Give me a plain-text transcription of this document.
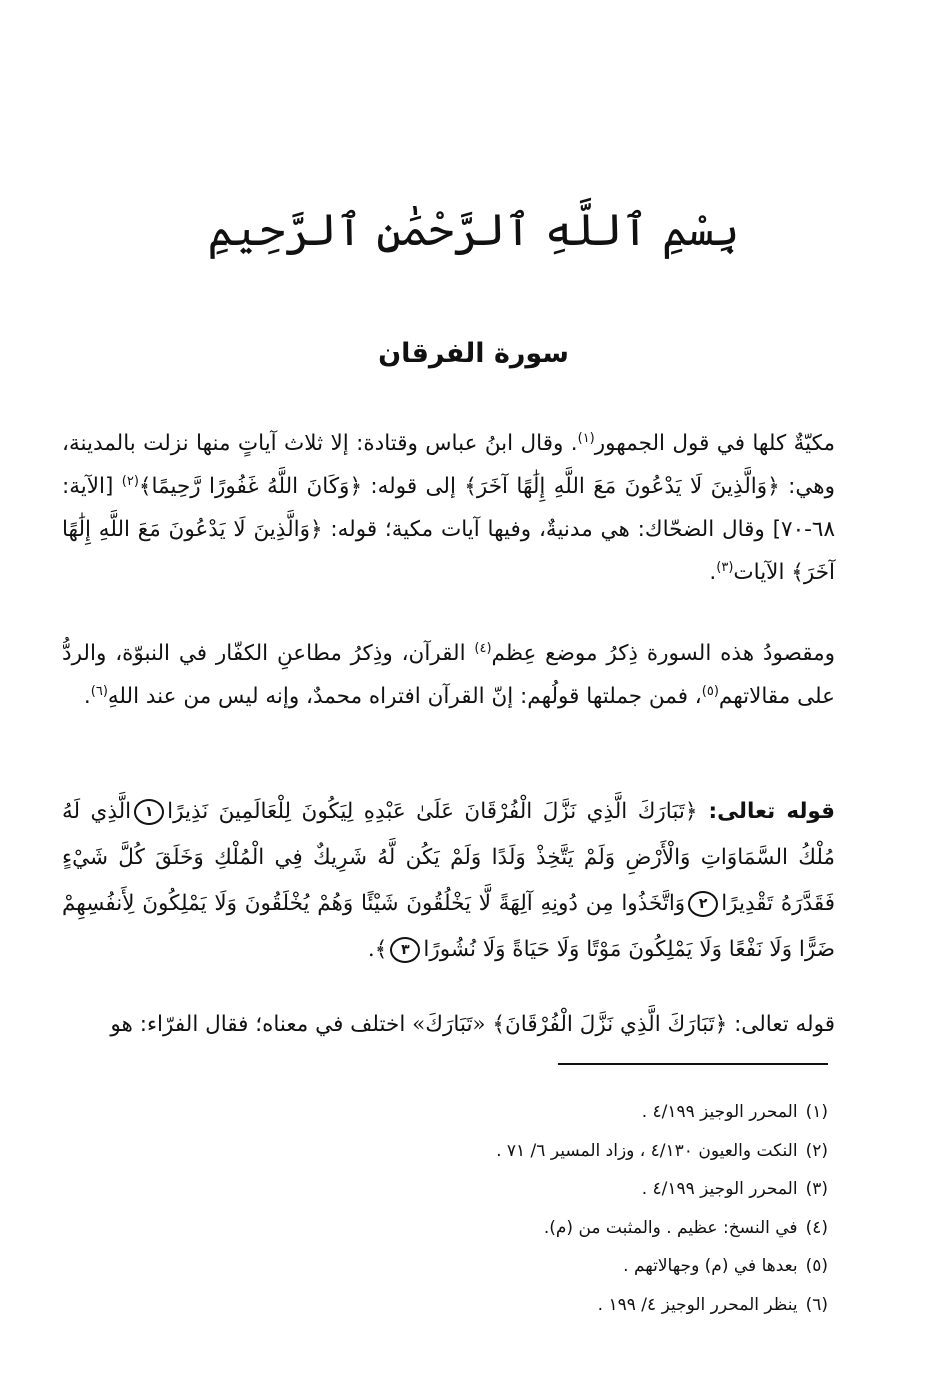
بِسْمِ ٱللَّهِ ٱلرَّحْمَٰنِ ٱلرَّحِيمِ
سورة الفرقان

مكيّةٌ كلها في قول الجمهور$^{(١)}$. وقال ابنُ عباس وقتادة: إلا ثلاث آياتٍ منها نزلت بالمدينة، وهي: ﴿وَالَّذِينَ لَا يَدْعُونَ مَعَ اللَّهِ إِلَٰهًا آخَرَ﴾ إلى قوله: ﴿وَكَانَ اللَّهُ غَفُورًا رَّحِيمًا﴾$^{(٢)}$ [الآية: ٦٨-٧٠] وقال الضحّاك: هي مدنيةٌ، وفيها آيات مكية؛ قوله: ﴿وَالَّذِينَ لَا يَدْعُونَ مَعَ اللَّهِ إِلَٰهًا آخَرَ﴾ الآيات$^{(٣)}$.

ومقصودُ هذه السورة ذِكرُ موضع عِظم$^{(٤)}$ القرآن، وذِكرُ مطاعنِ الكفّار في النبوّة، والردُّ على مقالاتهم$^{(٥)}$، فمن جملتها قولُهم: إنّ القرآن افتراه محمدٌ، وإنه ليس من عند اللهِ$^{(٦)}$.

قوله تعالى: ﴿تَبَارَكَ الَّذِي نَزَّلَ الْفُرْقَانَ عَلَىٰ عَبْدِهِ لِيَكُونَ لِلْعَالَمِينَ نَذِيرًا١الَّذِي لَهُ مُلْكُ السَّمَاوَاتِ وَالْأَرْضِ وَلَمْ يَتَّخِذْ وَلَدًا وَلَمْ يَكُن لَّهُ شَرِيكٌ فِي الْمُلْكِ وَخَلَقَ كُلَّ شَيْءٍ فَقَدَّرَهُ تَقْدِيرًا٢وَاتَّخَذُوا مِن دُونِهِ آلِهَةً لَّا يَخْلُقُونَ شَيْئًا وَهُمْ يُخْلَقُونَ وَلَا يَمْلِكُونَ لِأَنفُسِهِمْ ضَرًّا وَلَا نَفْعًا وَلَا يَمْلِكُونَ مَوْتًا وَلَا حَيَاةً وَلَا نُشُورًا٣﴾.

قوله تعالى: ﴿تَبَارَكَ الَّذِي نَزَّلَ الْفُرْقَانَ﴾ «تَبَارَكَ» اختلف في معناه؛ فقال الفرّاء: هو

(١)المحرر الوجيز ٤/١٩٩ .
(٢)النكت والعيون ٤/١٣٠ ، وزاد المسير ٦/ ٧١ .
(٣)المحرر الوجيز ٤/١٩٩ .
(٤)في النسخ: عظيم . والمثبت من (م).
(٥)بعدها في (م) وجهالاتهم .
(٦)ينظر المحرر الوجيز ٤/ ١٩٩ .
